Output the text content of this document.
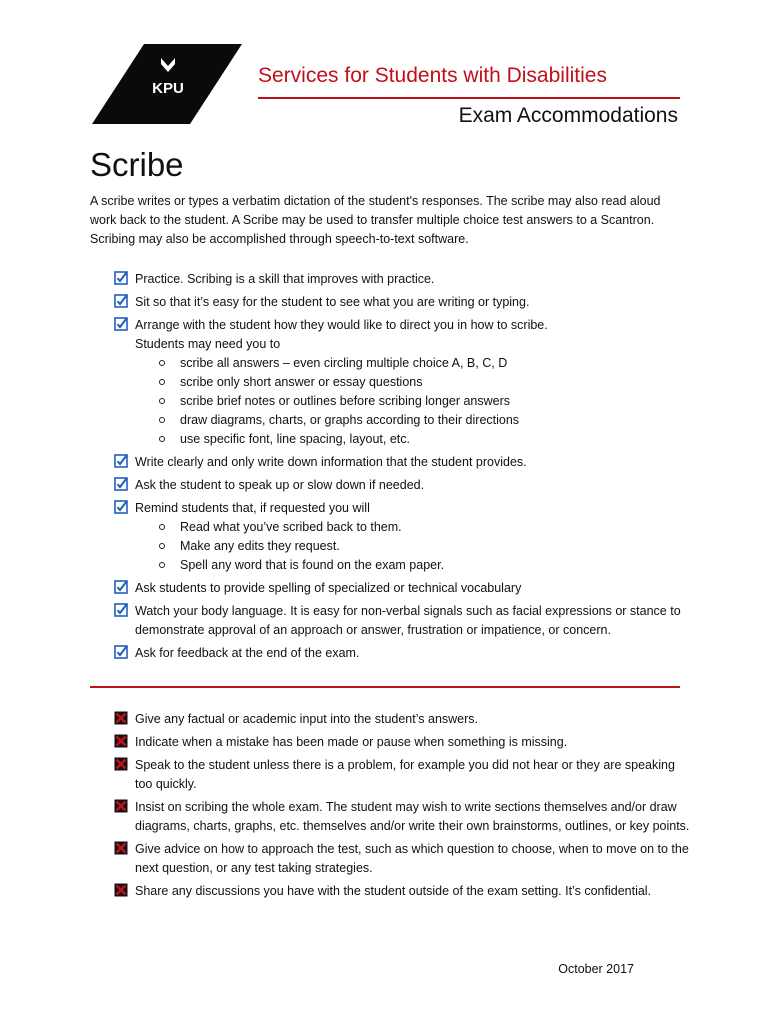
KPU
Services for Students with Disabilities
Exam Accommodations
Scribe
A scribe writes or types a verbatim dictation of the student's responses. The scribe may also read aloud work back to the student. A Scribe may be used to transfer multiple choice test answers to a Scantron. Scribing may also be accomplished through speech-to-text software.
Practice. Scribing is a skill that improves with practice.
Sit so that it’s easy for the student to see what you are writing or typing.
Arrange with the student how they would like to direct you in how to scribe.
Students may need you to
scribe all answers – even circling multiple choice A, B, C, D
scribe only short answer or essay questions
scribe brief notes or outlines before scribing longer answers
draw diagrams, charts, or graphs according to their directions
use specific font, line spacing, layout, etc.
Write clearly and only write down information that the student provides.
Ask the student to speak up or slow down if needed.
Remind students that, if requested you will
Read what you’ve scribed back to them.
Make any edits they request.
Spell any word that is found on the exam paper.
Ask students to provide spelling of specialized or technical vocabulary
Watch your body language. It is easy for non-verbal signals such as facial expressions or stance to demonstrate approval of an approach or answer, frustration or impatience, or concern.
Ask for feedback at the end of the exam.
Give any factual or academic input into the student’s answers.
Indicate when a mistake has been made or pause when something is missing.
Speak to the student unless there is a problem, for example you did not hear or they are speaking too quickly.
Insist on scribing the whole exam. The student may wish to write sections themselves and/or draw diagrams, charts, graphs, etc. themselves and/or write their own brainstorms, outlines, or key points.
Give advice on how to approach the test, such as which question to choose, when to move on to the next question, or any test taking strategies.
Share any discussions you have with the student outside of the exam setting. It’s confidential.
October 2017
